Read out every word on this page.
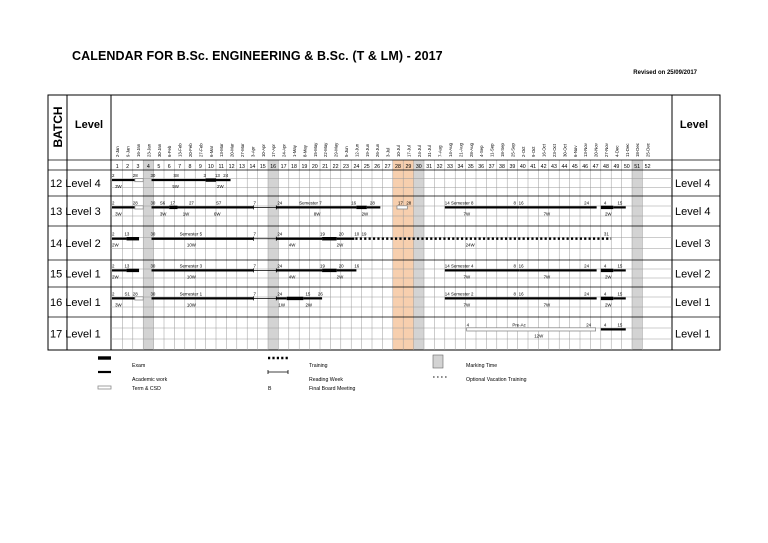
CALENDAR FOR B.Sc. ENGINEERING & B.Sc. (T & LM) - 2017
Revised on 25/09/2017
BATCH Level	Level
2-Jan 9-Jan 16-Jan 23-Jan 30-Jan 6-Feb 13-Feb 20-Feb 27-Feb 6-Mar 13-Mar 20-Mar 27-Mar 3-Apr 10-Apr 17-Apr 24-Apr 1-May 8-May 15-May 22-May 29-May 5-Jun 12-Jun 19-Jun 26-Jun 3-Jul 10-Jul 17-Jul 24-Jul 31-Jul 7-Aug 14-Aug 21-Aug 28-Aug 4-Sep 11-Sep 18-Sep 25-Sep 2-Oct 9-Oct 16-Oct 23-Oct 30-Oct 6-Nov 13-Nov 20-Nov 27-Nov 4-Dec 11-Dec 18-Dec 25-Dec
1 2 3 4 5 6 7 8 9 10 11 12 13 14 15 16 17 18 19 20 21 22 23 24 25 26 27 28 29 30 31 32 33 34 35 36 37 38 39 40 41 42 43 44 45 46 47 48 49 50 51 52
12 Level 4	Level 4
2	28	30	S8	3 13 24
3W	5W	2W
13 Level 3	Level 4
2	28	30 S6 17	27	S7	7	24	Semester 7	16	28	17 28	14 Semester 8	8 16	24	4	15
3W	3W	1W	6W	8W	2W	7W	7W	2W
14 Level 2	Level 3
2 13	30	Semester 5	7	24	19	20 10 19	31
2W	10W	4W	2W	24W
15 Level 1	Level 2
2 13	30	Semester 3	7	24	19	20 16	14 Semester 4	8 16	24	4	15
2W	10W	4W	2W	7W	7W	2W
16 Level 1	Level 1
2 S1 28	30	Semester 1	7	24	15 26	14 Semester 2	8 16	24	4	15
3W	10W	1W	2W	7W	7W	2W
17 Level 1	Level 1
4	Pre-Ac	24	4	15
12W
Exam
Academic work
Term & CSD
Training
Reading Week
B	Final Board Meeting
Marking Time
Optional Vacation Training
